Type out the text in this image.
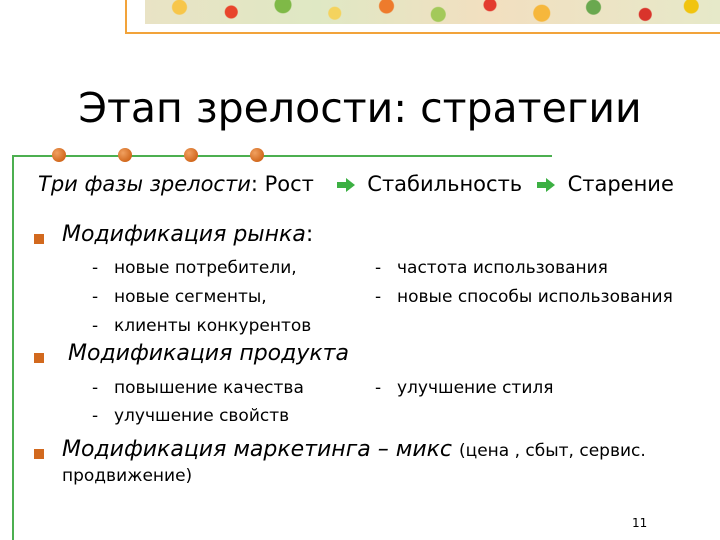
Этап зрелости: стратегии
Три фазы зрелости: Рост	Стабильность Старение
Модификация рынка:
- новые потребители,
- новые сегменты,
- клиенты конкурентов
- частота использования
- новые способы использования
Модификация продукта
- повышение качества
- улучшение свойств
- улучшение стиля
Модификация маркетинга – микс (цена , сбыт, сервис.
продвижение)
11
